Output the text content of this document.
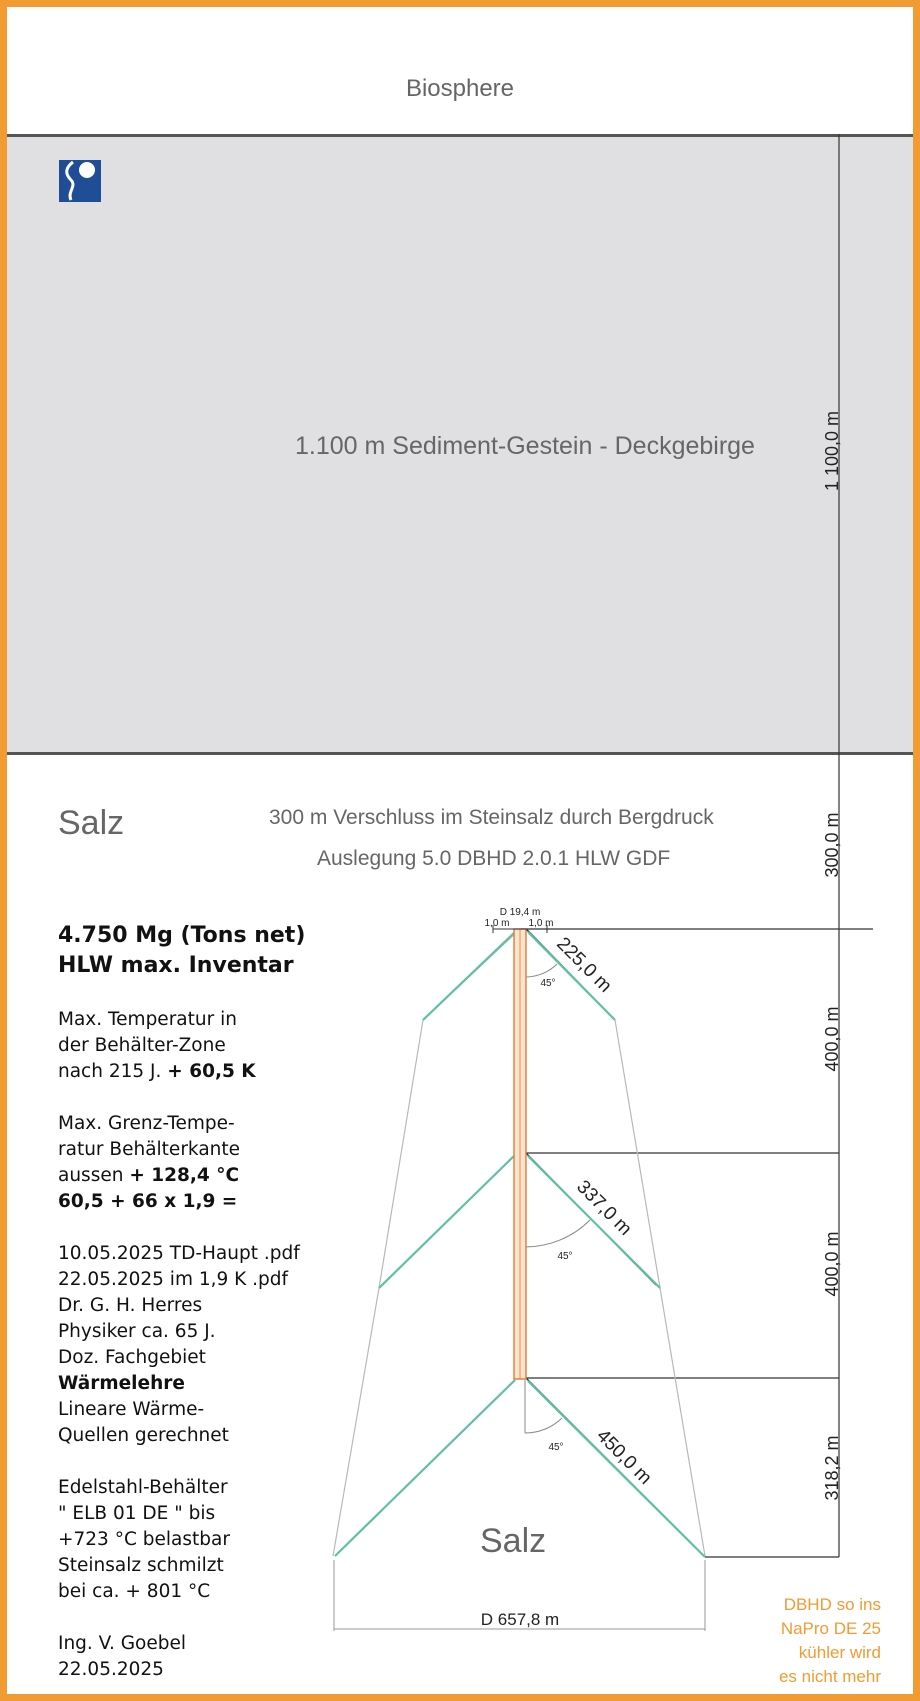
Biosphere
1.100 m Sediment-Gestein - Deckgebirge
Salz	300 m Verschluss im Steinsalz durch Bergdruck
Auslegung 5.0 DBHD 2.0.1 HLW GDF
D 19,4 m
1,0 m 1,0 m
225,0 m
337,0 m
450,0 m
45°
45°
45°
1 100,0 m
300,0 m
400,0 m
400,0 m
318,2 m
D 657,8 m
Salz
4.750 Mg (Tons net)
HLW max. Inventar
Max. Temperatur in
der Behälter-Zone
nach 215 J. + 60,5 K
Max. Grenz-Tempe-
ratur Behälterkante
aussen + 128,4 °C
60,5 + 66 x 1,9 =
10.05.2025 TD-Haupt .pdf
22.05.2025 im 1,9 K .pdf
Dr. G. H. Herres
Physiker ca. 65 J.
Doz. Fachgebiet
Wärmelehre
Lineare Wärme-
Quellen gerechnet
Edelstahl-Behälter
" ELB 01 DE " bis
+723 °C belastbar
Steinsalz schmilzt
bei ca. + 801 °C
Ing. V. Goebel
22.05.2025
DBHD so ins
NaPro DE 25
kühler wird
es nicht mehr
